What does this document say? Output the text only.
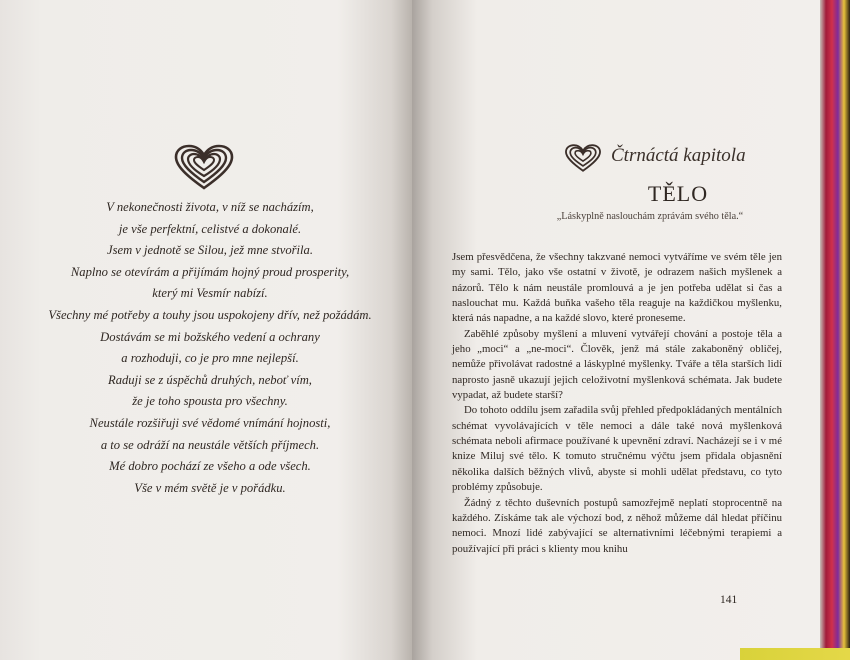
V nekonečnosti života, v níž se nacházím,
je vše perfektní, celistvé a dokonalé.
Jsem v jednotě se Silou, jež mne stvořila.
Naplno se otevírám a přijímám hojný proud prosperity,
který mi Vesmír nabízí.
Všechny mé potřeby a touhy jsou uspokojeny dřív, než požádám.
Dostávám se mi božského vedení a ochrany
a rozhoduji, co je pro mne nejlepší.
Raduji se z úspěchů druhých, neboť vím,
že je toho spousta pro všechny.
Neustále rozšiřuji své vědomé vnímání hojnosti,
a to se odráží na neustále větších příjmech.
Mé dobro pochází ze všeho a ode všech.
Vše v mém světě je v pořádku.
Čtrnáctá kapitola
TĚLO
„Láskyplně naslouchám zprávám svého těla.“

Jsem přesvědčena, že všechny takzvané nemoci vytváříme ve svém těle jen my sami. Tělo, jako vše ostatní v životě, je odrazem našich myšlenek a názorů. Tělo k nám neustále promlouvá a je jen potřeba udělat si čas a naslouchat mu. Každá buňka vašeho těla reaguje na každičkou myšlenku, která nás napadne, a na každé slovo, které proneseme.

Zaběhlé způsoby myšlení a mluvení vytvářejí chování a postoje těla a jeho „moci“ a „ne-moci“. Člověk, jenž má stále zakaboněný obličej, nemůže přivolávat radostné a láskyplné myšlenky. Tváře a těla starších lidí naprosto jasně ukazují jejich celoživotní myšlenková schémata. Jak budete vypadat, až budete starší?

Do tohoto oddílu jsem zařadila svůj přehled předpokládaných mentálních schémat vyvolávajících v těle nemoci a dále také nová myšlenková schémata neboli afirmace používané k upevnění zdraví. Nacházejí se i v mé knize Miluj své tělo. K tomuto stručnému výčtu jsem přidala objasnění několika dalších běžných vlivů, abyste si mohli udělat představu, co tyto problémy způsobuje.

Žádný z těchto duševních postupů samozřejmě neplatí stoprocentně na každého. Získáme tak ale výchozí bod, z něhož můžeme dál hledat příčinu nemoci. Mnozí lidé zabývající se alternativními léčebnými terapiemi a používající při práci s klienty mou knihu

141
